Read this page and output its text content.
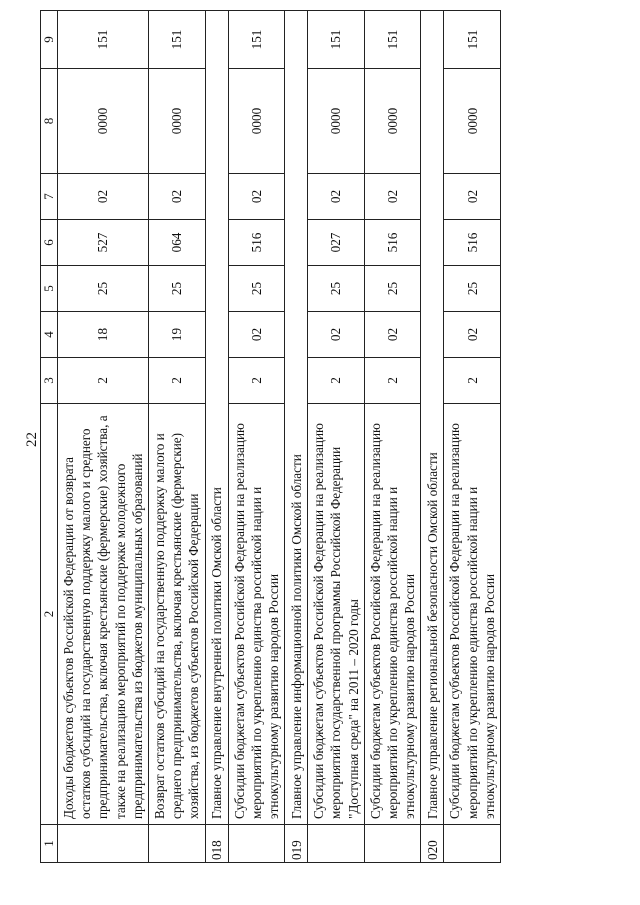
22
1	2	3	4	5	6	7	8	9
	Доходы бюджетов субъектов Российской Федерации от возврата остатков субсидий на государственную поддержку малого и среднего предпринимательства, включая крестьянские (фермерские) хозяйства, а также на реализацию мероприятий по поддержке молодежного предпринимательства из бюджетов муниципальных образований	2	18	25	527	02	0000	151
	Возврат остатков субсидий на государственную поддержку малого и среднего предпринимательства, включая крестьянские (фермерские) хозяйства, из бюджетов субъектов Российской Федерации	2	19	25	064	02	0000	151
018	Главное управление внутренней политики Омской области							
	Субсидии бюджетам субъектов Российской Федерации на реализацию мероприятий по укреплению единства российской нации и этнокультурному развитию народов России	2	02	25	516	02	0000	151
019	Главное управление информационной политики Омской области							
	Субсидии бюджетам субъектов Российской Федерации на реализацию мероприятий государственной программы Российской Федерации "Доступная среда" на 2011 – 2020 годы	2	02	25	027	02	0000	151
	Субсидии бюджетам субъектов Российской Федерации на реализацию мероприятий по укреплению единства российской нации и этнокультурному развитию народов России	2	02	25	516	02	0000	151
020	Главное управление региональной безопасности Омской области							
	Субсидии бюджетам субъектов Российской Федерации на реализацию мероприятий по укреплению единства российской нации и этнокультурному развитию народов России	2	02	25	516	02	0000	151
